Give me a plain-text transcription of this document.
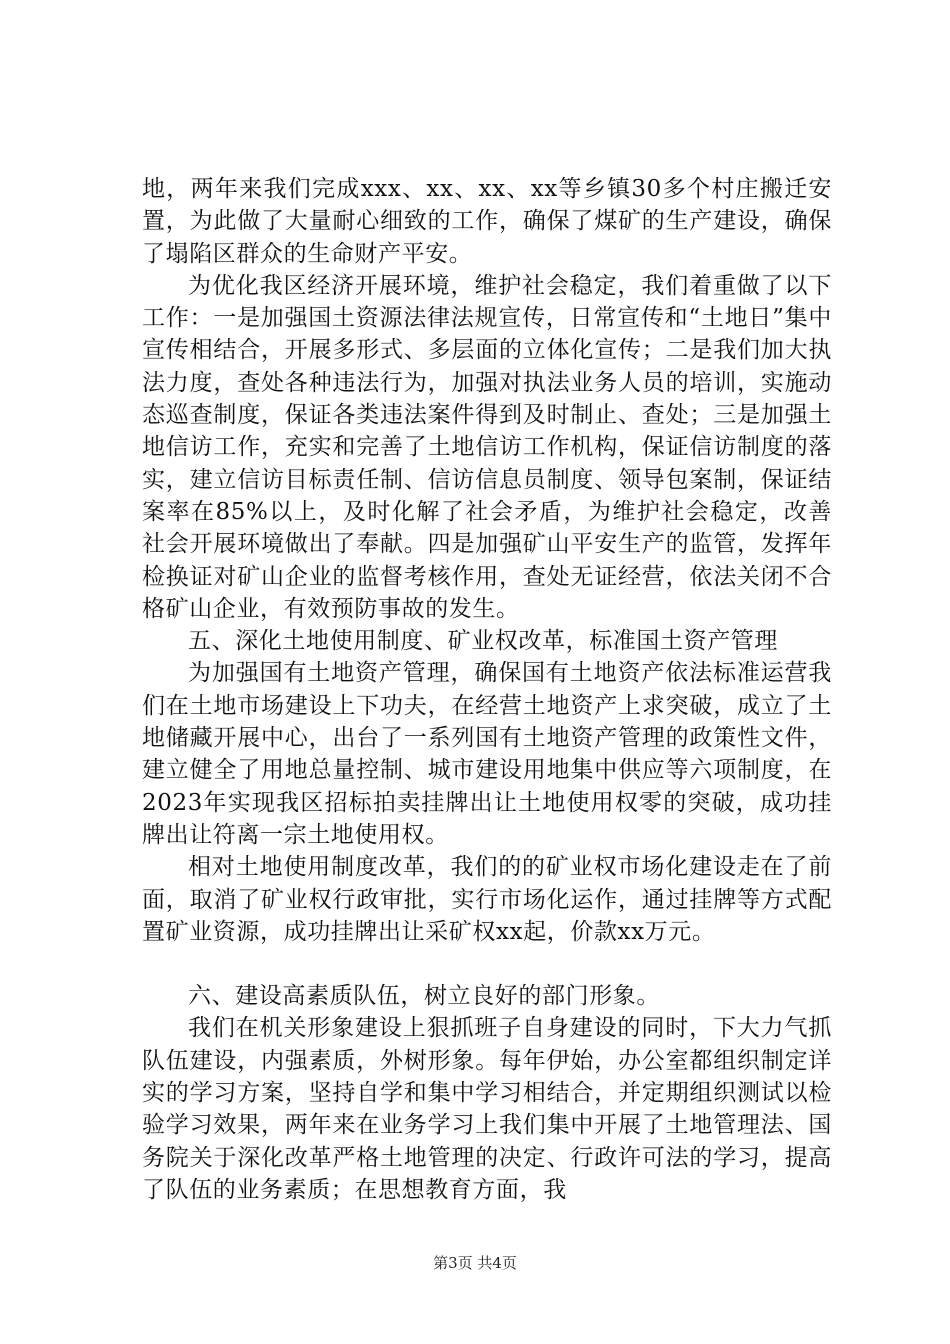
地，两年来我们完成xxx、xx、xx、xx等乡镇30多个村庄搬迁安置，为此做了大量耐心细致的工作，确保了煤矿的生产建设，确保了塌陷区群众的生命财产平安。

为优化我区经济开展环境，维护社会稳定，我们着重做了以下工作：一是加强国土资源法律法规宣传，日常宣传和“土地日”集中宣传相结合，开展多形式、多层面的立体化宣传；二是我们加大执法力度，查处各种违法行为，加强对执法业务人员的培训，实施动态巡查制度，保证各类违法案件得到及时制止、查处；三是加强土地信访工作，充实和完善了土地信访工作机构，保证信访制度的落实，建立信访目标责任制、信访信息员制度、领导包案制，保证结案率在85%以上，及时化解了社会矛盾，为维护社会稳定，改善社会开展环境做出了奉献。四是加强矿山平安生产的监管，发挥年检换证对矿山企业的监督考核作用，查处无证经营，依法关闭不合格矿山企业，有效预防事故的发生。

五、深化土地使用制度、矿业权改革，标准国土资产管理

为加强国有土地资产管理，确保国有土地资产依法标准运营我们在土地市场建设上下功夫，在经营土地资产上求突破，成立了土地储藏开展中心，出台了一系列国有土地资产管理的政策性文件，建立健全了用地总量控制、城市建设用地集中供应等六项制度，在2023年实现我区招标拍卖挂牌出让土地使用权零的突破，成功挂牌出让符离一宗土地使用权。

相对土地使用制度改革，我们的的矿业权市场化建设走在了前面，取消了矿业权行政审批，实行市场化运作，通过挂牌等方式配置矿业资源，成功挂牌出让采矿权xx起，价款xx万元。

六、建设高素质队伍，树立良好的部门形象。

我们在机关形象建设上狠抓班子自身建设的同时，下大力气抓队伍建设，内强素质，外树形象。每年伊始，办公室都组织制定详实的学习方案，坚持自学和集中学习相结合，并定期组织测试以检验学习效果，两年来在业务学习上我们集中开展了土地管理法、国务院关于深化改革严格土地管理的决定、行政许可法的学习，提高了队伍的业务素质；在思想教育方面，我

第3页 共4页
